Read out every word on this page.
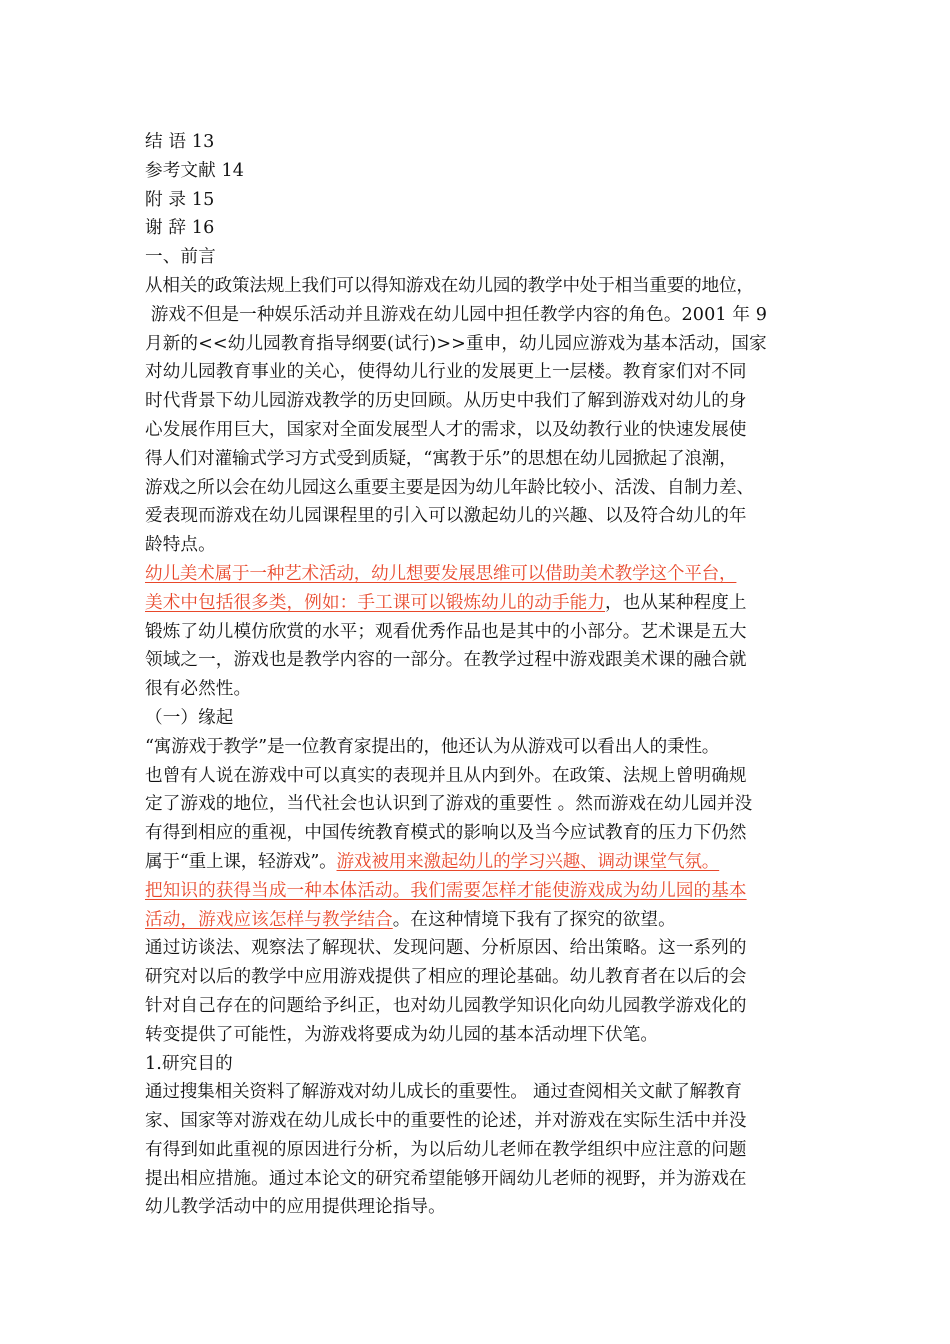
结 语 13
参考文献 14
附 录 15
谢 辞 16
一、前言
从相关的政策法规上我们可以得知游戏在幼儿园的教学中处于相当重要的地位，
游戏不但是一种娱乐活动并且游戏在幼儿园中担任教学内容的角色。2001 年 9
月新的<<幼儿园教育指导纲要(试行)>>重申，幼儿园应游戏为基本活动，国家
对幼儿园教育事业的关心，使得幼儿行业的发展更上一层楼。教育家们对不同
时代背景下幼儿园游戏教学的历史回顾。从历史中我们了解到游戏对幼儿的身
心发展作用巨大，国家对全面发展型人才的需求，以及幼教行业的快速发展使
得人们对灌输式学习方式受到质疑，“寓教于乐”的思想在幼儿园掀起了浪潮，
游戏之所以会在幼儿园这么重要主要是因为幼儿年龄比较小、活泼、自制力差、
爱表现而游戏在幼儿园课程里的引入可以激起幼儿的兴趣、以及符合幼儿的年
龄特点。
幼儿美术属于一种艺术活动，幼儿想要发展思维可以借助美术教学这个平台，
美术中包括很多类，例如：手工课可以锻炼幼儿的动手能力，也从某种程度上
锻炼了幼儿模仿欣赏的水平；观看优秀作品也是其中的小部分。艺术课是五大
领域之一，游戏也是教学内容的一部分。在教学过程中游戏跟美术课的融合就
很有必然性。
（一）缘起
“寓游戏于教学”是一位教育家提出的，他还认为从游戏可以看出人的秉性。
也曾有人说在游戏中可以真实的表现并且从内到外。在政策、法规上曾明确规
定了游戏的地位，当代社会也认识到了游戏的重要性 。然而游戏在幼儿园并没
有得到相应的重视，中国传统教育模式的影响以及当今应试教育的压力下仍然
属于“重上课，轻游戏”。游戏被用来激起幼儿的学习兴趣、调动课堂气氛。
把知识的获得当成一种本体活动。我们需要怎样才能使游戏成为幼儿园的基本
活动，游戏应该怎样与教学结合。在这种情境下我有了探究的欲望。
通过访谈法、观察法了解现状、发现问题、分析原因、给出策略。这一系列的
研究对以后的教学中应用游戏提供了相应的理论基础。幼儿教育者在以后的会
针对自己存在的问题给予纠正，也对幼儿园教学知识化向幼儿园教学游戏化的
转变提供了可能性，为游戏将要成为幼儿园的基本活动埋下伏笔。
1.研究目的
通过搜集相关资料了解游戏对幼儿成长的重要性。 通过查阅相关文献了解教育
家、国家等对游戏在幼儿成长中的重要性的论述，并对游戏在实际生活中并没
有得到如此重视的原因进行分析，为以后幼儿老师在教学组织中应注意的问题
提出相应措施。通过本论文的研究希望能够开阔幼儿老师的视野，并为游戏在
幼儿教学活动中的应用提供理论指导。
